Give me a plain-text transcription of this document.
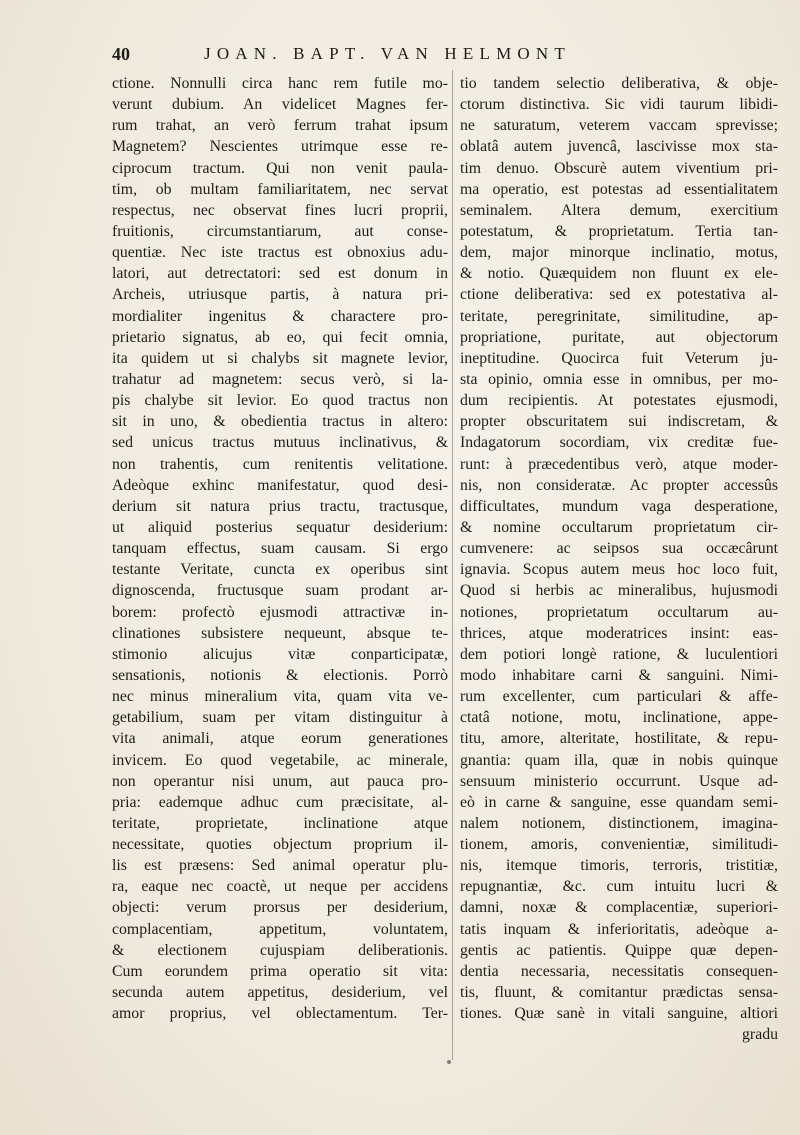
40	JOAN. BAPT. VAN HELMONT
ctione. Nonnulli circa hanc rem futile mo-
verunt dubium. An videlicet Magnes fer-
rum trahat, an verò ferrum trahat ipsum
Magnetem? Nescientes utrimque esse re-
ciprocum tractum. Qui non venit paula-
tim, ob multam familiaritatem, nec servat
respectus, nec observat fines lucri proprii,
fruitionis, circumstantiarum, aut conse-
quentiæ. Nec iste tractus est obnoxius adu-
latori, aut detrectatori: sed est donum in
Archeis, utriusque partis, à natura pri-
mordialiter ingenitus & charactere pro-
prietario signatus, ab eo, qui fecit omnia,
ita quidem ut si chalybs sit magnete levior,
trahatur ad magnetem: secus verò, si la-
pis chalybe sit levior. Eo quod tractus non
sit in uno, & obedientia tractus in altero:
sed unicus tractus mutuus inclinativus, &
non trahentis, cum renitentis velitatione.
Adeòque exhinc manifestatur, quod desi-
derium sit natura prius tractu, tractusque,
ut aliquid posterius sequatur desiderium:
tanquam effectus, suam causam. Si ergo
testante Veritate, cuncta ex operibus sint
dignoscenda, fructusque suam prodant ar-
borem: profectò ejusmodi attractivæ in-
clinationes subsistere nequeunt, absque te-
stimonio alicujus vitæ conparticipatæ,
sensationis, notionis & electionis. Porrò
nec minus mineralium vita, quam vita ve-
getabilium, suam per vitam distinguitur à
vita animali, atque eorum generationes
invicem. Eo quod vegetabile, ac minerale,
non operantur nisi unum, aut pauca pro-
pria: eademque adhuc cum præcisitate, al-
teritate, proprietate, inclinatione atque
necessitate, quoties objectum proprium il-
lis est præsens: Sed animal operatur plu-
ra, eaque nec coactè, ut neque per accidens
objecti: verum prorsus per desiderium,
complacentiam, appetitum, voluntatem,
& electionem cujuspiam deliberationis.
Cum eorundem prima operatio sit vita:
secunda autem appetitus, desiderium, vel
amor proprius, vel oblectamentum. Ter-
tio tandem selectio deliberativa, & obje-
ctorum distinctiva. Sic vidi taurum libidi-
ne saturatum, veterem vaccam sprevisse;
oblatâ autem juvencâ, lascivisse mox sta-
tim denuo. Obscurè autem viventium pri-
ma operatio, est potestas ad essentialitatem
seminalem. Altera demum, exercitium
potestatum, & proprietatum. Tertia tan-
dem, major minorque inclinatio, motus,
& notio. Quæquidem non fluunt ex ele-
ctione deliberativa: sed ex potestativa al-
teritate, peregrinitate, similitudine, ap-
propriatione, puritate, aut objectorum
ineptitudine. Quocirca fuit Veterum ju-
sta opinio, omnia esse in omnibus, per mo-
dum recipientis. At potestates ejusmodi,
propter obscuritatem sui indiscretam, &
Indagatorum socordiam, vix creditæ fue-
runt: à præcedentibus verò, atque moder-
nis, non consideratæ. Ac propter accessûs
difficultates, mundum vaga desperatione,
& nomine occultarum proprietatum cir-
cumvenere: ac seipsos sua occæcârunt
ignavia. Scopus autem meus hoc loco fuit,
Quod si herbis ac mineralibus, hujusmodi
notiones, proprietatum occultarum au-
thrices, atque moderatrices insint: eas-
dem potiori longè ratione, & luculentiori
modo inhabitare carni & sanguini. Nimi-
rum excellenter, cum particulari & affe-
ctatâ notione, motu, inclinatione, appe-
titu, amore, alteritate, hostilitate, & repu-
gnantia: quam illa, quæ in nobis quinque
sensuum ministerio occurrunt. Usque ad-
eò in carne & sanguine, esse quandam semi-
nalem notionem, distinctionem, imagina-
tionem, amoris, convenientiæ, similitudi-
nis, itemque timoris, terroris, tristitiæ,
repugnantiæ, &c. cum intuitu lucri &
damni, noxæ & complacentiæ, superiori-
tatis inquam & inferioritatis, adeòque a-
gentis ac patientis. Quippe quæ depen-
dentia necessaria, necessitatis consequen-
tis, fluunt, & comitantur prædictas sensa-
tiones. Quæ sanè in vitali sanguine, altiori
gradu
